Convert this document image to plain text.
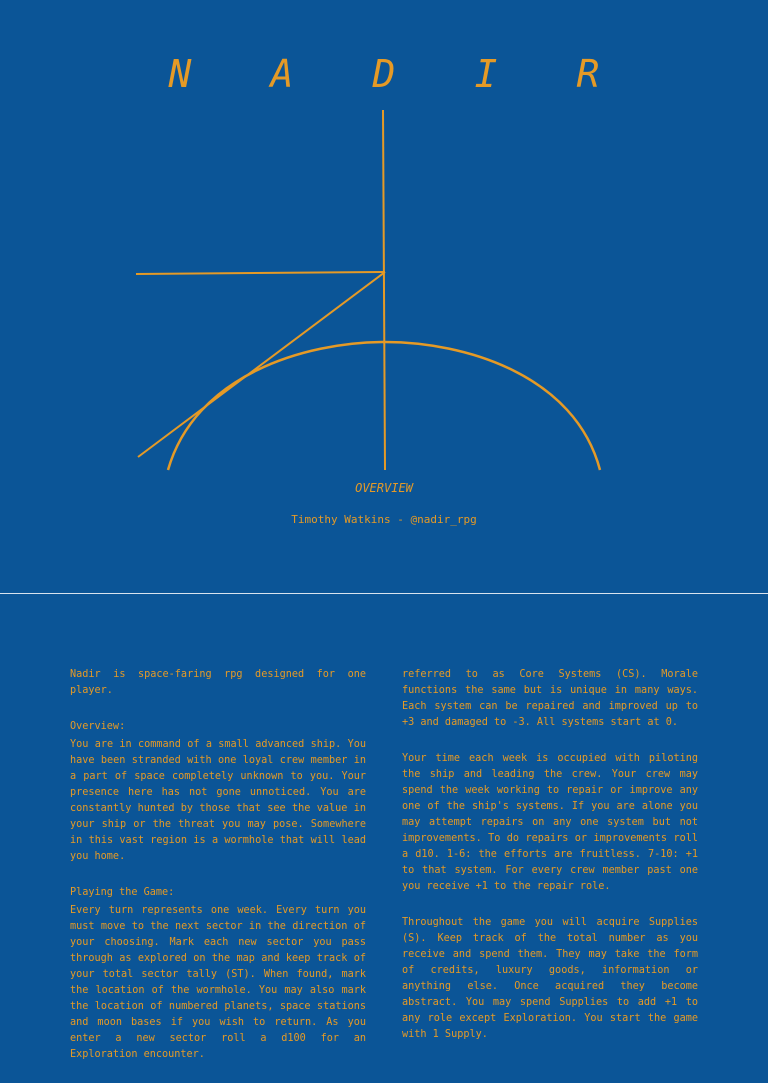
N	A	D	I	R
OVERVIEW
Timothy Watkins - @nadir_rpg

Nadir is space-faring rpg designed for one player.

Overview:

You are in command of a small advanced ship. You have been stranded with one loyal crew member in a part of space completely unknown to you. Your presence here has not gone unnoticed. You are constantly hunted by those that see the value in your ship or the threat you may pose. Somewhere in this vast region is a wormhole that will lead you home.

Playing the Game:

Every turn represents one week. Every turn you must move to the next sector in the direction of your choosing. Mark each new sector you pass through as explored on the map and keep track of your total sector tally (ST). When found, mark the location of the wormhole. You may also mark the location of numbered planets, space stations and moon bases if you wish to return. As you enter a new sector roll a d100 for an Exploration encounter.

referred to as Core Systems (CS). Morale functions the same but is unique in many ways. Each system can be repaired and improved up to +3 and damaged to -3. All systems start at 0.

Your time each week is occupied with piloting the ship and leading the crew. Your crew may spend the week working to repair or improve any one of the ship's systems. If you are alone you may attempt repairs on any one system but not improvements. To do repairs or improvements roll a d10. 1-6: the efforts are fruitless. 7-10: +1 to that system. For every crew member past one you receive +1 to the repair role.

Throughout the game you will acquire Supplies (S). Keep track of the total number as you receive and spend them. They may take the form of credits, luxury goods, information or anything else. Once acquired they become abstract. You may spend Supplies to add +1 to any role except Exploration. You start the game with 1 Supply.
